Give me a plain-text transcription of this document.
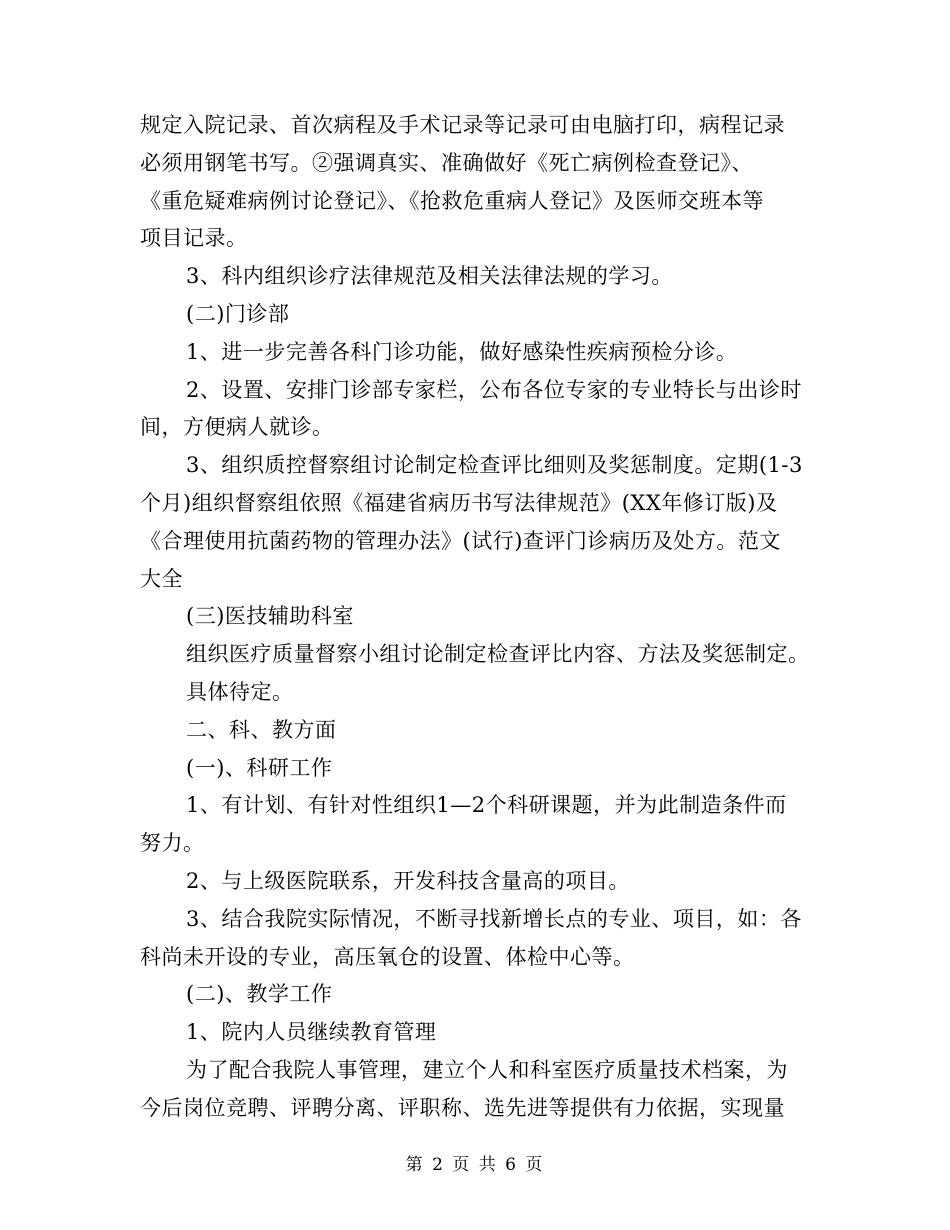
规定入院记录、首次病程及手术记录等记录可由电脑打印，病程记录
必须用钢笔书写。②强调真实、准确做好《死亡病例检查登记》、
《重危疑难病例讨论登记》、《抢救危重病人登记》及医师交班本等
项目记录。
3、科内组织诊疗法律规范及相关法律法规的学习。
(二)门诊部
1、进一步完善各科门诊功能，做好感染性疾病预检分诊。
2、设置、安排门诊部专家栏，公布各位专家的专业特长与出诊时
间，方便病人就诊。
3、组织质控督察组讨论制定检查评比细则及奖惩制度。定期(1-3
个月)组织督察组依照《福建省病历书写法律规范》(XX年修订版)及
《合理使用抗菌药物的管理办法》(试行)查评门诊病历及处方。范文
大全
(三)医技辅助科室
组织医疗质量督察小组讨论制定检查评比内容、方法及奖惩制定。
具体待定。
二、科、教方面
(一)、科研工作
1、有计划、有针对性组织1—2个科研课题，并为此制造条件而
努力。
2、与上级医院联系，开发科技含量高的项目。
3、结合我院实际情况，不断寻找新增长点的专业、项目，如：各
科尚未开设的专业，高压氧仓的设置、体检中心等。
(二)、教学工作
1、院内人员继续教育管理
为了配合我院人事管理，建立个人和科室医疗质量技术档案，为
今后岗位竞聘、评聘分离、评职称、选先进等提供有力依据，实现量
第 2 页 共 6 页
